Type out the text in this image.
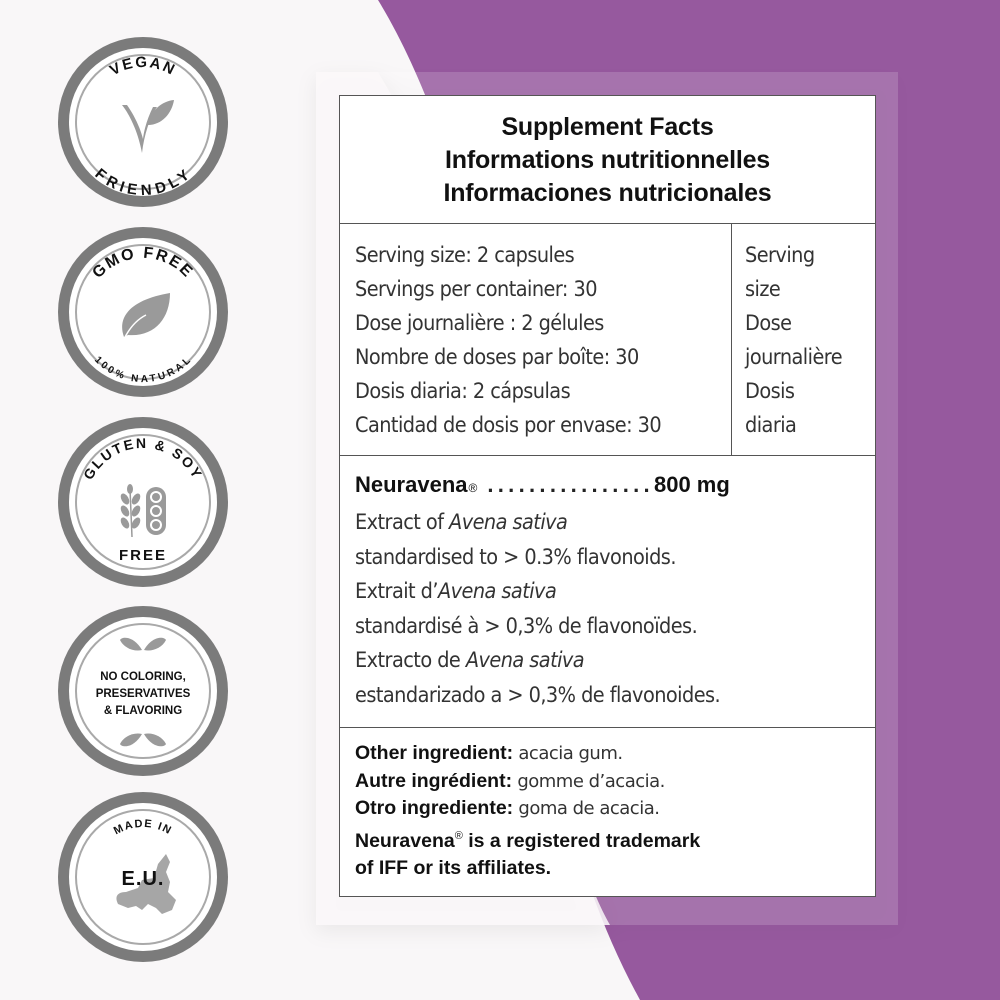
VEGAN
FRIENDLY
GMO FREE
100% NATURAL
GLUTEN & SOY
FREE
NO COLORING,
PRESERVATIVES
& FLAVORING
MADE IN
E.U.
Supplement Facts
Informations nutritionnelles
Informaciones nutricionales
Serving size: 2 capsules
Servings per container: 30
Dose journalière : 2 gélules
Nombre de doses par boîte: 30
Dosis diaria: 2 cápsulas
Cantidad de dosis por envase: 30
Serving
size
Dose
journalière
Dosis
diaria
Neuravena ® ................ 800 mg
Extract of Avena sativa
standardised to > 0.3% flavonoids.
Extrait d’Avena sativa
standardisé à > 0,3% de flavonoïdes.
Extracto de Avena sativa
estandarizado a > 0,3% de flavonoides.
Other ingredient: acacia gum.
Autre ingrédient: gomme d’acacia.
Otro ingrediente: goma de acacia.
Neuravena® is a registered trademark
of IFF or its affiliates.
